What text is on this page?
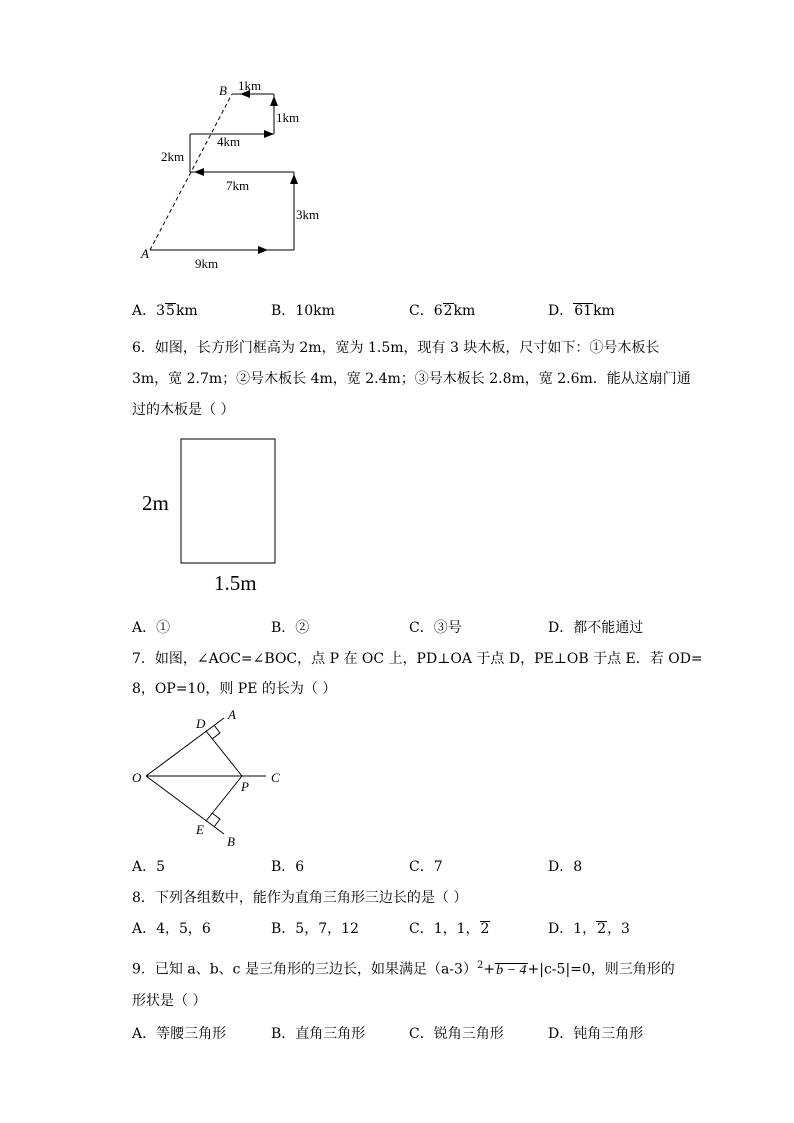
B
A
1km
1km
4km
2km
7km
3km
9km
A．35km	B．10km	C．62km	D．61km
6．如图，长方形门框高为 2m，宽为 1.5m，现有 3 块木板，尺寸如下：①号木板长
3m，宽 2.7m；②号木板长 4m，宽 2.4m；③号木板长 2.8m，宽 2.6m．能从这扇门通
过的木板是（ ）
2m
1.5m
A．①	B．②	C．③号	D．都不能通过
7．如图，∠AOC=∠BOC，点 P 在 OC 上，PD⊥OA 于点 D，PE⊥OB 于点 E．若 OD=
8，OP=10，则 PE 的长为（ ）
O
A
D
C
P
E
B
A．5	B．6	C．7	D．8
8．下列各组数中，能作为直角三角形三边长的是（ ）
A．4，5，6	B．5，7，12	C．1，1，2	D．1，2，3
9．已知 a、b、c 是三角形的三边长，如果满足$(a-3)^2+b - 4+|c-5|=0$，则三角形的
形状是（ ）
A．等腰三角形	B．直角三角形	C．锐角三角形	D．钝角三角形
